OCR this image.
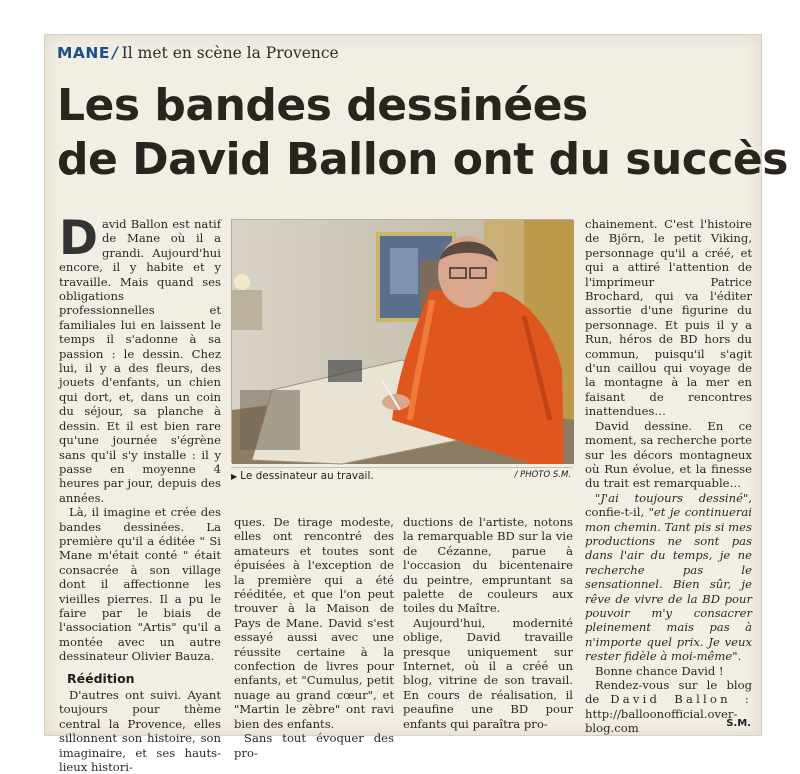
MANE / Il met en scène la Provence
Les bandes dessinées
de David Ballon ont du succès

David Ballon est natif de Mane où il a grandi. Aujourd'hui encore, il y habite et y travaille. Mais quand ses obligations professionnelles et familiales lui en laissent le temps il s'adonne à sa passion : le dessin. Chez lui, il y a des fleurs, des jouets d'enfants, un chien qui dort, et, dans un coin du séjour, sa planche à dessin. Et il est bien rare qu'une journée s'égrène sans qu'il s'y installe : il y passe en moyenne 4 heures par jour, depuis des années.

Là, il imagine et crée des bandes dessinées. La première qu'il a éditée " Si Mane m'était conté " était consacrée à son village dont il affectionne les vieilles pierres. Il a pu le faire par le biais de l'association "Artis" qu'il a montée avec un autre dessinateur Olivier Bauza.

Réédition

D'autres ont suivi. Ayant toujours pour thème central la Provence, elles sillonnent son histoire, son imaginaire, et ses hauts-lieux histori-

▶ Le dessinateur au travail.	/ PHOTO S.M.

ques. De tirage modeste, elles ont rencontré des amateurs et toutes sont épuisées à l'exception de la première qui a été rééditée, et que l'on peut trouver à la Maison de Pays de Mane. David s'est essayé aussi avec une réussite certaine à la confection de livres pour enfants, et "Cumulus, petit nuage au grand cœur", et "Martin le zèbre" ont ravi bien des enfants.

Sans tout évoquer des pro-

ductions de l'artiste, notons la remarquable BD sur la vie de Cézanne, parue à l'occasion du bicentenaire du peintre, empruntant sa palette de couleurs aux toiles du Maître.

Aujourd'hui, modernité oblige, David travaille presque uniquement sur Internet, où il a créé un blog, vitrine de son travail. En cours de réalisation, il peaufine une BD pour enfants qui paraîtra pro-

chainement. C'est l'histoire de Björn, le petit Viking, personnage qu'il a créé, et qui a attiré l'attention de l'imprimeur Patrice Brochard, qui va l'éditer assortie d'une figurine du personnage. Et puis il y a Run, héros de BD hors du commun, puisqu'il s'agit d'un caillou qui voyage de la montagne à la mer en faisant de rencontres inattendues…

David dessine. En ce moment, sa recherche porte sur les décors montagneux où Run évolue, et la finesse du trait est remarquable…

"J'ai toujours dessiné", confie-t-il, "et je continuerai mon chemin. Tant pis si mes productions ne sont pas dans l'air du temps, je ne recherche pas le sensationnel. Bien sûr, je rêve de vivre de la BD pour pouvoir m'y consacrer pleinement mais pas à n'importe quel prix. Je veux rester fidèle à moi-même".

Bonne chance David !

Rendez-vous sur le blog de David Ballon : http://balloonofficial.over-blog.com	S.M.
